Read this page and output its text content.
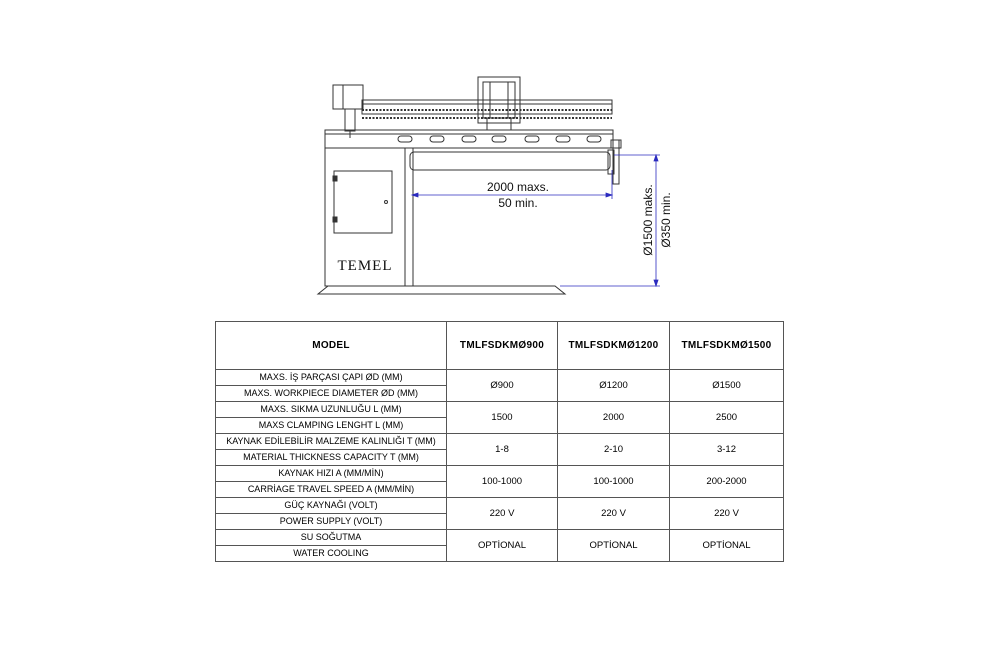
2000 maxs.
50 min.	Ø1500 maks. Ø350 min.
TEMEL
MODEL	TMLFSDKMØ900	TMLFSDKMØ1200	TMLFSDKMØ1500
MAXS. İŞ PARÇASI ÇAPI ØD (MM)	Ø900	Ø1200	Ø1500
MAXS. WORKPIECE DIAMETER ØD (MM)			
MAXS. SIKMA UZUNLUĞU L (MM)	1500	2000	2500
MAXS CLAMPING LENGHT L (MM)			
KAYNAK EDİLEBİLİR MALZEME KALINLIĞI T (MM)	1-8	2-10	3-12
MATERIAL THICKNESS CAPACITY T (MM)			
KAYNAK HIZI A (MM/MİN)	100-1000	100-1000	200-2000
CARRİAGE TRAVEL SPEED A (MM/MİN)			
GÜÇ KAYNAĞI (VOLT)	220 V	220 V	220 V
POWER SUPPLY (VOLT)			
SU SOĞUTMA	OPTİONAL	OPTİONAL	OPTİONAL
WATER COOLING			
